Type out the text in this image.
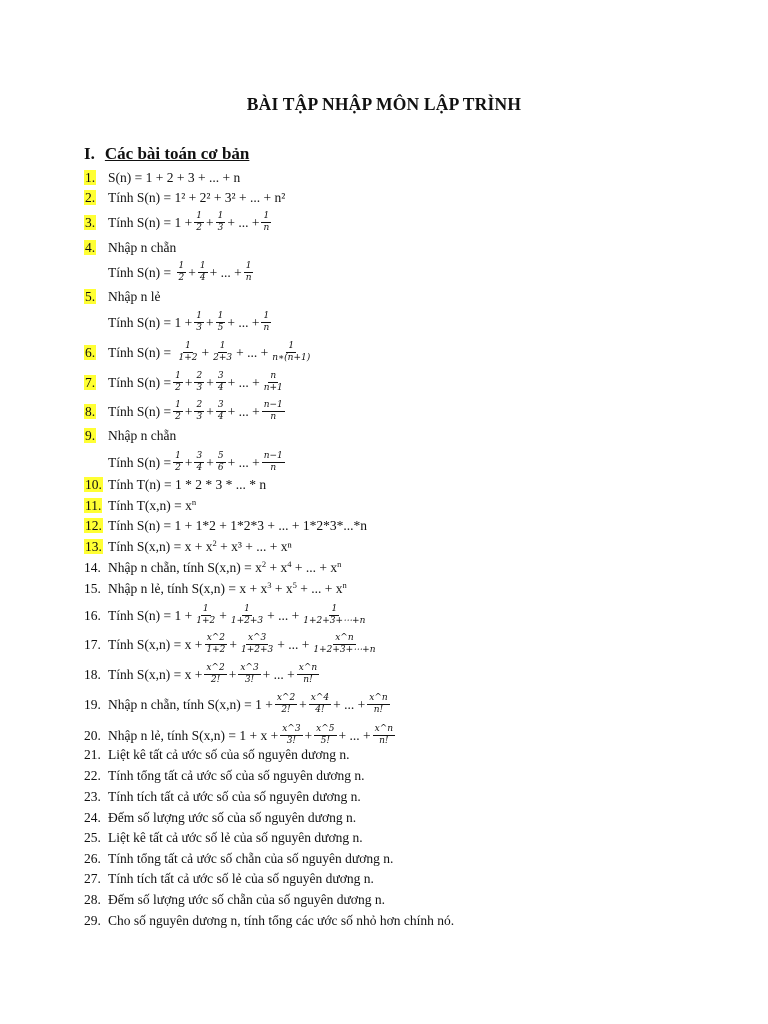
BÀI TẬP NHẬP MÔN LẬP TRÌNH
I. Các bài toán cơ bản
1. S(n) = 1 + 2 + 3 + ... + n
2. Tính S(n) = 1² + 2² + 3² + ... + n²
3. Tính $S(n) = 1 + \frac{1}{2} + \frac{1}{3}$ + ... + $\frac{1}{n}$
4. Nhập n chẵn
Tính S(n) =
$\frac{1}{2} + \frac{1}{4}$ + ... + $\frac{1}{n}$
5. Nhập n lẻ
Tính $S(n) = 1 + \frac{1}{3} + \frac{1}{5}$ + ... + $\frac{1}{n}$
6. Tính S(n) =
$\frac{1}{1+2} + \frac{1}{2+3}$ + ... + $\frac{1}{n∗(n+1)}$
7. Tính $S(n) = \frac{1}{2} + \frac{2}{3} + \frac{3}{4}$ + ... + $\frac{n}{n+1}$
8. Tính $S(n) = \frac{1}{2} + \frac{2}{3} + \frac{3}{4}$ + ... + $\frac{n-1}{n}$
9. Nhập n chẵn
Tính $S(n) = \frac{1}{2} + \frac{3}{4} + \frac{5}{6}$ + ... + $\frac{n-1}{n}$
10. Tính T(n) = 1 * 2 * 3 * ... * n
11. Tính $T(x,n) = x^n$
12. Tính S(n) = 1 + 1*2 + 1*2*3 + ... + 1*2*3*...*n
13. Tính $S(x,n) = x + x^2 + x^3$ + ... + xⁿ
14. Nhập n chẵn, tính $S(x,n) = x^2 + x^4$ + ... + $x^n$
15. Nhập n lẻ, tính $S(x,n) = x + x^3 + x^5$ + ... + $x^n$
16. Tính $S(n) = 1 + \frac{1}{1+2} + \frac{1}{1+2+3}$ + ... + $\frac{1}{1+2+3+\cdots+n}$
17. Tính $S(x,n) = x + \frac{x\^{}2}{1+2} + \frac{x\^{}3}{1+2+3}$ + ... + $\frac{x\^{}n}{1+2+3+\cdots+n}$
18. Tính $S(x,n) = x + \frac{x\^{}2}{2!} + \frac{x\^{}3}{3!}$ + ... + $\frac{x\^{}n}{n!}$
19. Nhập n chẵn, tính $S(x,n) = 1 + \frac{x\^{}2}{2!} + \frac{x\^{}4}{4!}$ + ... + $\frac{x\^{}n}{n!}$
20. Nhập n lẻ, tính $S(x,n) = 1 + x + \frac{x\^{}3}{3!} + \frac{x\^{}5}{5!}$ + ... + $\frac{x\^{}n}{n!}$
21. Liệt kê tất cả ước số của số nguyên dương n.
22. Tính tổng tất cả ước số của số nguyên dương n.
23. Tính tích tất cả ước số của số nguyên dương n.
24. Đếm số lượng ước số của số nguyên dương n.
25. Liệt kê tất cả ước số lẻ của số nguyên dương n.
26. Tính tổng tất cả ước số chẵn của số nguyên dương n.
27. Tính tích tất cả ước số lẻ của số nguyên dương n.
28. Đếm số lượng ước số chẵn của số nguyên dương n.
29. Cho số nguyên dương n, tính tổng các ước số nhỏ hơn chính nó.
